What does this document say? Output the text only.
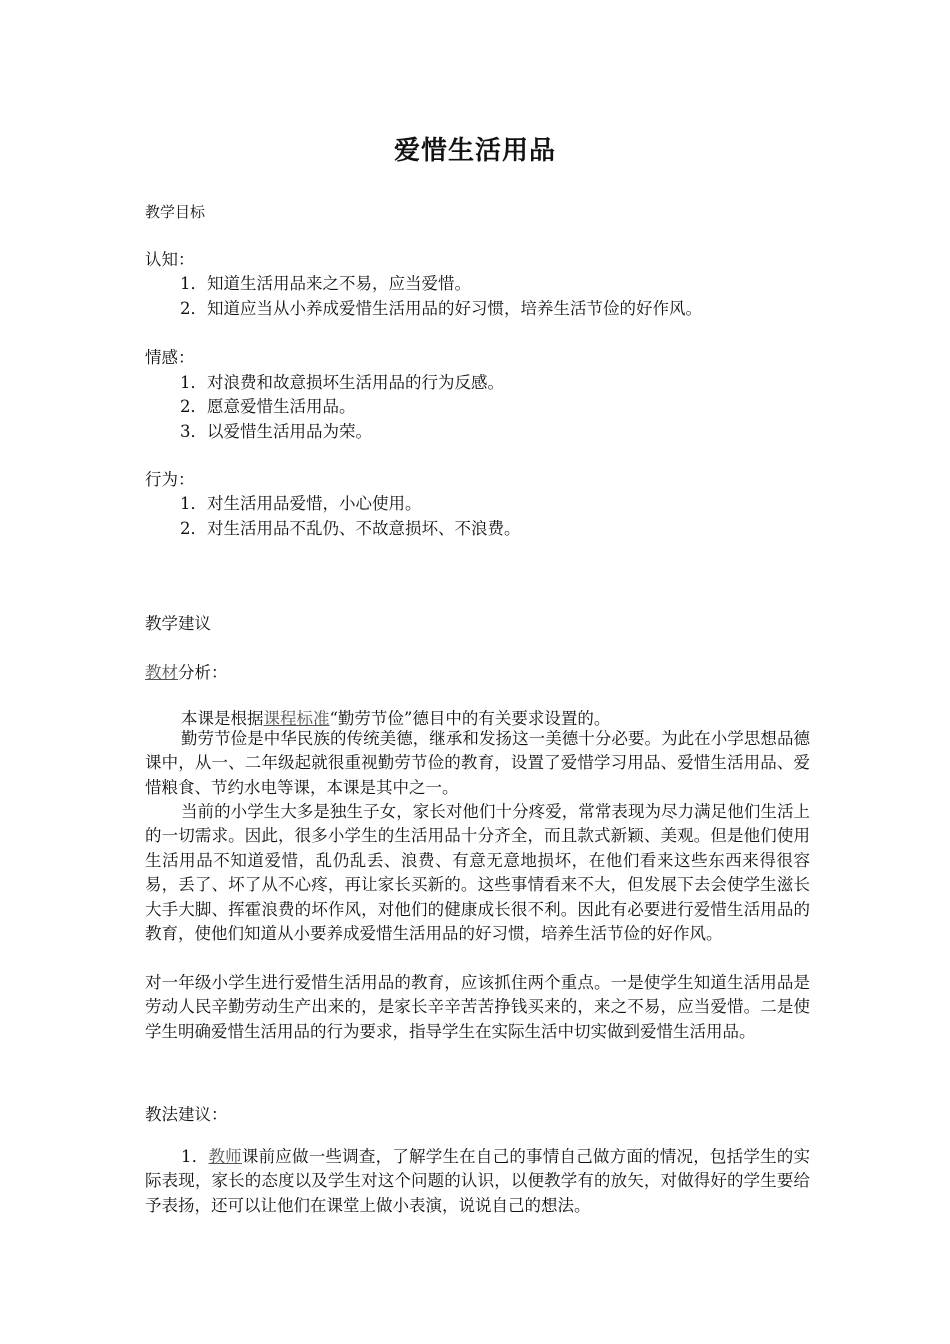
爱惜生活用品
教学目标
认知：
1．知道生活用品来之不易，应当爱惜。
2．知道应当从小养成爱惜生活用品的好习惯，培养生活节俭的好作风。
情感：
1．对浪费和故意损坏生活用品的行为反感。
2．愿意爱惜生活用品。
3．以爱惜生活用品为荣。
行为：
1．对生活用品爱惜，小心使用。
2．对生活用品不乱仍、不故意损坏、不浪费。
教学建议
教材分析：
本课是根据课程标准“勤劳节俭”德目中的有关要求设置的。
勤劳节俭是中华民族的传统美德，继承和发扬这一美德十分必要。为此在小学思想品德课中，从一、二年级起就很重视勤劳节俭的教育，设置了爱惜学习用品、爱惜生活用品、爱惜粮食、节约水电等课，本课是其中之一。
当前的小学生大多是独生子女，家长对他们十分疼爱，常常表现为尽力满足他们生活上的一切需求。因此，很多小学生的生活用品十分齐全，而且款式新颖、美观。但是他们使用生活用品不知道爱惜，乱仍乱丢、浪费、有意无意地损坏，在他们看来这些东西来得很容易，丢了、坏了从不心疼，再让家长买新的。这些事情看来不大，但发展下去会使学生滋长大手大脚、挥霍浪费的坏作风，对他们的健康成长很不利。因此有必要进行爱惜生活用品的教育，使他们知道从小要养成爱惜生活用品的好习惯，培养生活节俭的好作风。
对一年级小学生进行爱惜生活用品的教育，应该抓住两个重点。一是使学生知道生活用品是劳动人民辛勤劳动生产出来的，是家长辛辛苦苦挣钱买来的，来之不易，应当爱惜。二是使学生明确爱惜生活用品的行为要求，指导学生在实际生活中切实做到爱惜生活用品。
教法建议：
1．教师课前应做一些调查，了解学生在自己的事情自己做方面的情况，包括学生的实际表现，家长的态度以及学生对这个问题的认识，以便教学有的放矢，对做得好的学生要给予表扬，还可以让他们在课堂上做小表演，说说自己的想法。
